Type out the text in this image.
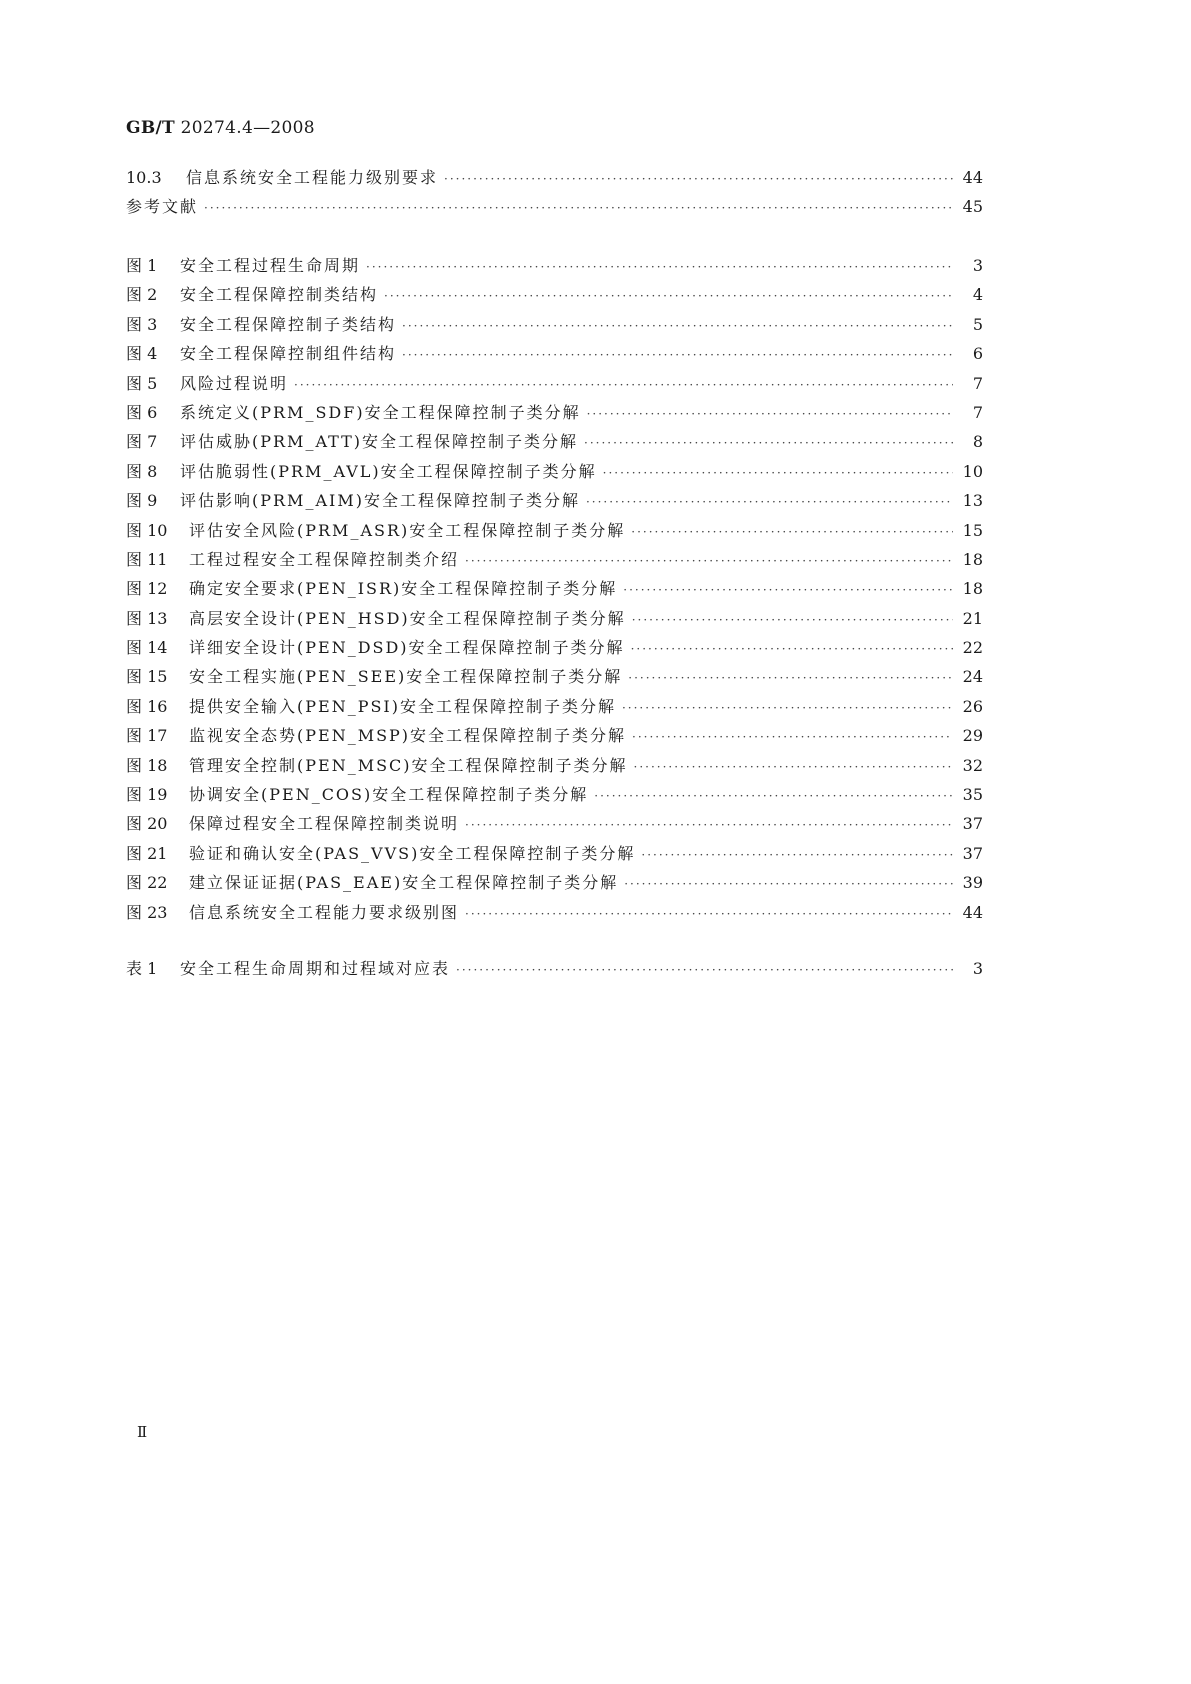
GB/T 20274.4—2008
10.3	信息系统安全工程能力级别要求 ·····	44
参考文献 ·····	45
图 1	安全工程过程生命周期 ·····	3
图 2	安全工程保障控制类结构 ·····	4
图 3	安全工程保障控制子类结构 ·····	5
图 4	安全工程保障控制组件结构 ·····	6
图 5	风险过程说明 ·····	7
图 6	系统定义(PRM_SDF)安全工程保障控制子类分解 ·····	7
图 7	评估威胁(PRM_ATT)安全工程保障控制子类分解 ·····	8
图 8	评估脆弱性(PRM_AVL)安全工程保障控制子类分解 ·····	10
图 9	评估影响(PRM_AIM)安全工程保障控制子类分解 ·····	13
图 10	评估安全风险(PRM_ASR)安全工程保障控制子类分解 ·····	15
图 11	工程过程安全工程保障控制类介绍 ·····	18
图 12	确定安全要求(PEN_ISR)安全工程保障控制子类分解 ·····	18
图 13	高层安全设计(PEN_HSD)安全工程保障控制子类分解 ·····	21
图 14	详细安全设计(PEN_DSD)安全工程保障控制子类分解 ·····	22
图 15	安全工程实施(PEN_SEE)安全工程保障控制子类分解 ·····	24
图 16	提供安全输入(PEN_PSI)安全工程保障控制子类分解 ·····	26
图 17	监视安全态势(PEN_MSP)安全工程保障控制子类分解 ·····	29
图 18	管理安全控制(PEN_MSC)安全工程保障控制子类分解 ·····	32
图 19	协调安全(PEN_COS)安全工程保障控制子类分解 ·····	35
图 20	保障过程安全工程保障控制类说明 ·····	37
图 21	验证和确认安全(PAS_VVS)安全工程保障控制子类分解 ·····	37
图 22	建立保证证据(PAS_EAE)安全工程保障控制子类分解 ·····	39
图 23	信息系统安全工程能力要求级别图 ·····	44
表 1	安全工程生命周期和过程域对应表 ·····	3
Ⅱ
